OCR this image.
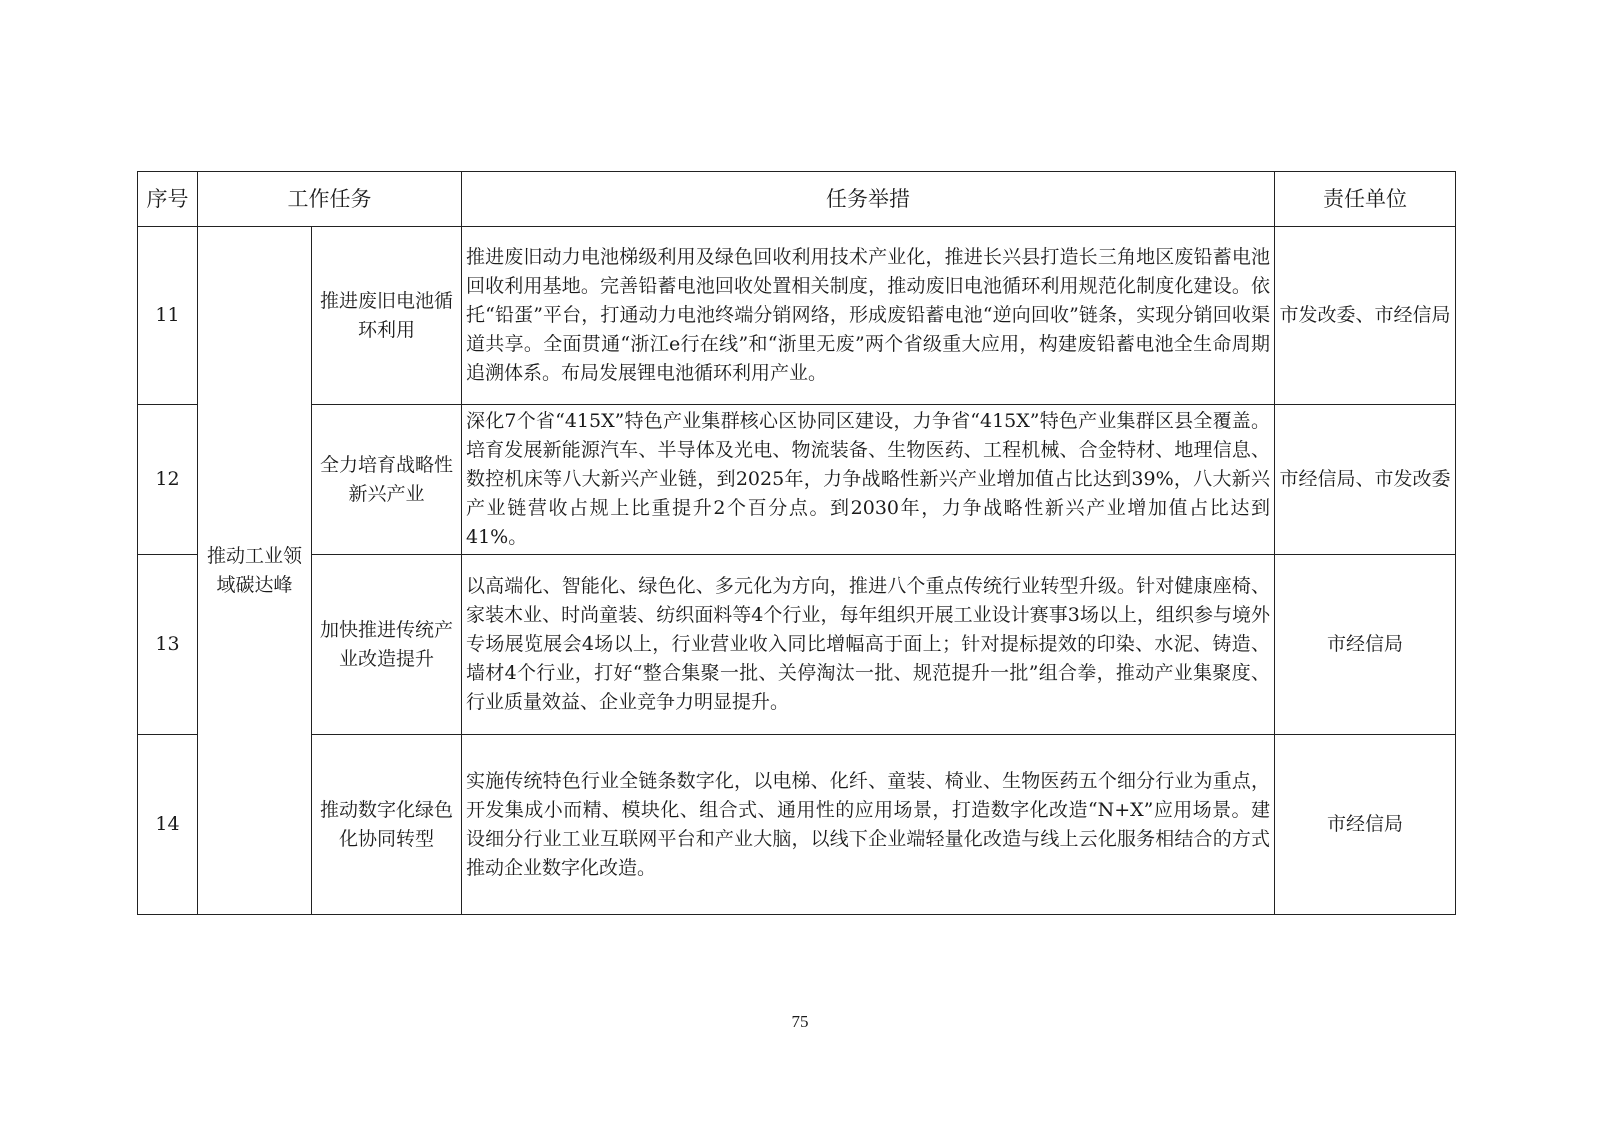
序号	工作任务		任务举措	责任单位
11	推动工业领域碳达峰	推进废旧电池循环利用	推进废旧动力电池梯级利用及绿色回收利用技术产业化，推进长兴县打造长三角地区废铅蓄电池回收利用基地。完善铅蓄电池回收处置相关制度，推动废旧电池循环利用规范化制度化建设。依托“铅蛋”平台，打通动力电池终端分销网络，形成废铅蓄电池“逆向回收”链条，实现分销回收渠道共享。全面贯通“浙江e行在线”和“浙里无废”两个省级重大应用，构建废铅蓄电池全生命周期追溯体系。布局发展锂电池循环利用产业。	市发改委、市经信局
12		全力培育战略性新兴产业	深化7个省“415X”特色产业集群核心区协同区建设，力争省“415X”特色产业集群区县全覆盖。培育发展新能源汽车、半导体及光电、物流装备、生物医药、工程机械、合金特材、地理信息、数控机床等八大新兴产业链，到2025年，力争战略性新兴产业增加值占比达到39%，八大新兴产业链营收占规上比重提升2个百分点。到2030年，力争战略性新兴产业增加值占比达到41%。	市经信局、市发改委
13		加快推进传统产业改造提升	以高端化、智能化、绿色化、多元化为方向，推进八个重点传统行业转型升级。针对健康座椅、家装木业、时尚童装、纺织面料等4个行业，每年组织开展工业设计赛事3场以上，组织参与境外专场展览展会4场以上，行业营业收入同比增幅高于面上；针对提标提效的印染、水泥、铸造、墙材4个行业，打好“整合集聚一批、关停淘汰一批、规范提升一批”组合拳，推动产业集聚度、行业质量效益、企业竞争力明显提升。	市经信局
14		推动数字化绿色化协同转型	实施传统特色行业全链条数字化，以电梯、化纤、童装、椅业、生物医药五个细分行业为重点，开发集成小而精、模块化、组合式、通用性的应用场景，打造数字化改造“N+X”应用场景。建设细分行业工业互联网平台和产业大脑，以线下企业端轻量化改造与线上云化服务相结合的方式推动企业数字化改造。	市经信局
75
